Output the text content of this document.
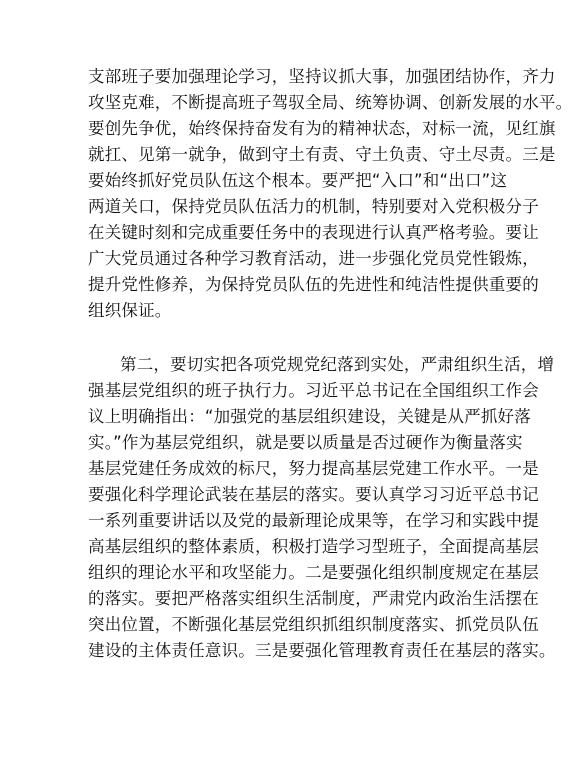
支部班子要加强理论学习，坚持议抓大事，加强团结协作，齐力
攻坚克难，不断提高班子驾驭全局、统筹协调、创新发展的水平。
要创先争优，始终保持奋发有为的精神状态，对标一流，见红旗
就扛、见第一就争，做到守土有责、守土负责、守土尽责。三是
要始终抓好党员队伍这个根本。要严把“入口”和“出口”这
两道关口，保持党员队伍活力的机制，特别要对入党积极分子
在关键时刻和完成重要任务中的表现进行认真严格考验。要让
广大党员通过各种学习教育活动，进一步强化党员党性锻炼，
提升党性修养，为保持党员队伍的先进性和纯洁性提供重要的
组织保证。
第二，要切实把各项党规党纪落到实处，严肃组织生活，增
强基层党组织的班子执行力。习近平总书记在全国组织工作会
议上明确指出：“加强党的基层组织建设，关键是从严抓好落
实。”作为基层党组织，就是要以质量是否过硬作为衡量落实
基层党建任务成效的标尺，努力提高基层党建工作水平。一是
要强化科学理论武装在基层的落实。要认真学习习近平总书记
一系列重要讲话以及党的最新理论成果等，在学习和实践中提
高基层组织的整体素质，积极打造学习型班子，全面提高基层
组织的理论水平和攻坚能力。二是要强化组织制度规定在基层
的落实。要把严格落实组织生活制度，严肃党内政治生活摆在
突出位置，不断强化基层党组织抓组织制度落实、抓党员队伍
建设的主体责任意识。三是要强化管理教育责任在基层的落实。
